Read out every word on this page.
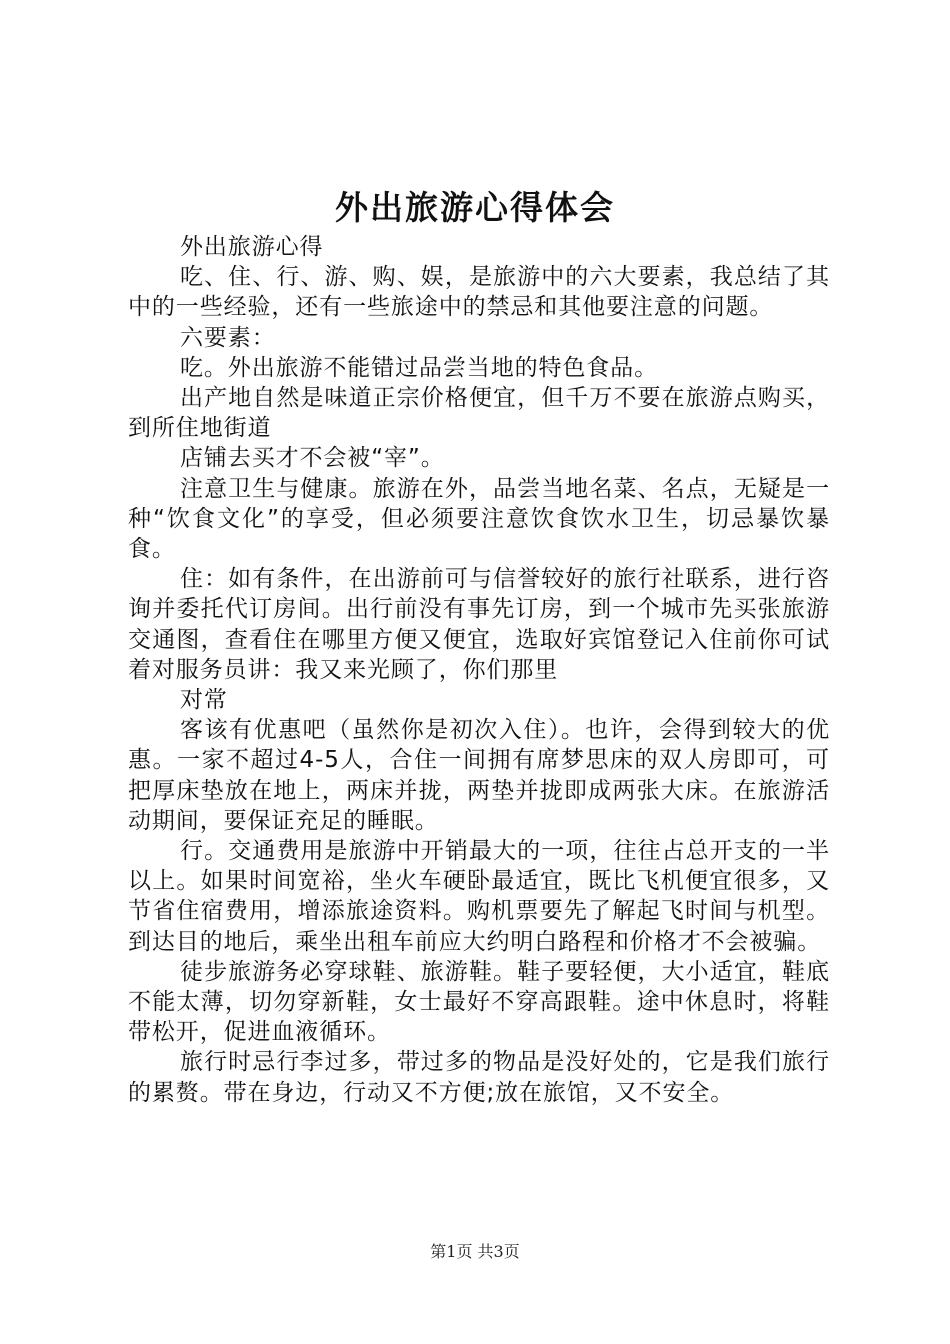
外出旅游心得体会

外出旅游心得

吃、住、行、游、购、娱，是旅游中的六大要素，我总结了其中的一些经验，还有一些旅途中的禁忌和其他要注意的问题。

六要素：

吃。外出旅游不能错过品尝当地的特色食品。

出产地自然是味道正宗价格便宜，但千万不要在旅游点购买，到所住地街道

店铺去买才不会被“宰”。

注意卫生与健康。旅游在外，品尝当地名菜、名点，无疑是一种“饮食文化”的享受，但必须要注意饮食饮水卫生，切忌暴饮暴食。

住：如有条件，在出游前可与信誉较好的旅行社联系，进行咨询并委托代订房间。出行前没有事先订房，到一个城市先买张旅游交通图，查看住在哪里方便又便宜，选取好宾馆登记入住前你可试着对服务员讲：我又来光顾了，你们那里

对常

客该有优惠吧（虽然你是初次入住）。也许，会得到较大的优惠。一家不超过4-5人，合住一间拥有席梦思床的双人房即可，可把厚床垫放在地上，两床并拢，两垫并拢即成两张大床。在旅游活动期间，要保证充足的睡眠。

行。交通费用是旅游中开销最大的一项，往往占总开支的一半以上。如果时间宽裕，坐火车硬卧最适宜，既比飞机便宜很多，又节省住宿费用，增添旅途资料。购机票要先了解起飞时间与机型。到达目的地后，乘坐出租车前应大约明白路程和价格才不会被骗。

徒步旅游务必穿球鞋、旅游鞋。鞋子要轻便，大小适宜，鞋底不能太薄，切勿穿新鞋，女士最好不穿高跟鞋。途中休息时，将鞋带松开，促进血液循环。

旅行时忌行李过多，带过多的物品是没好处的，它是我们旅行的累赘。带在身边，行动又不方便;放在旅馆，又不安全。

第1页 共3页
